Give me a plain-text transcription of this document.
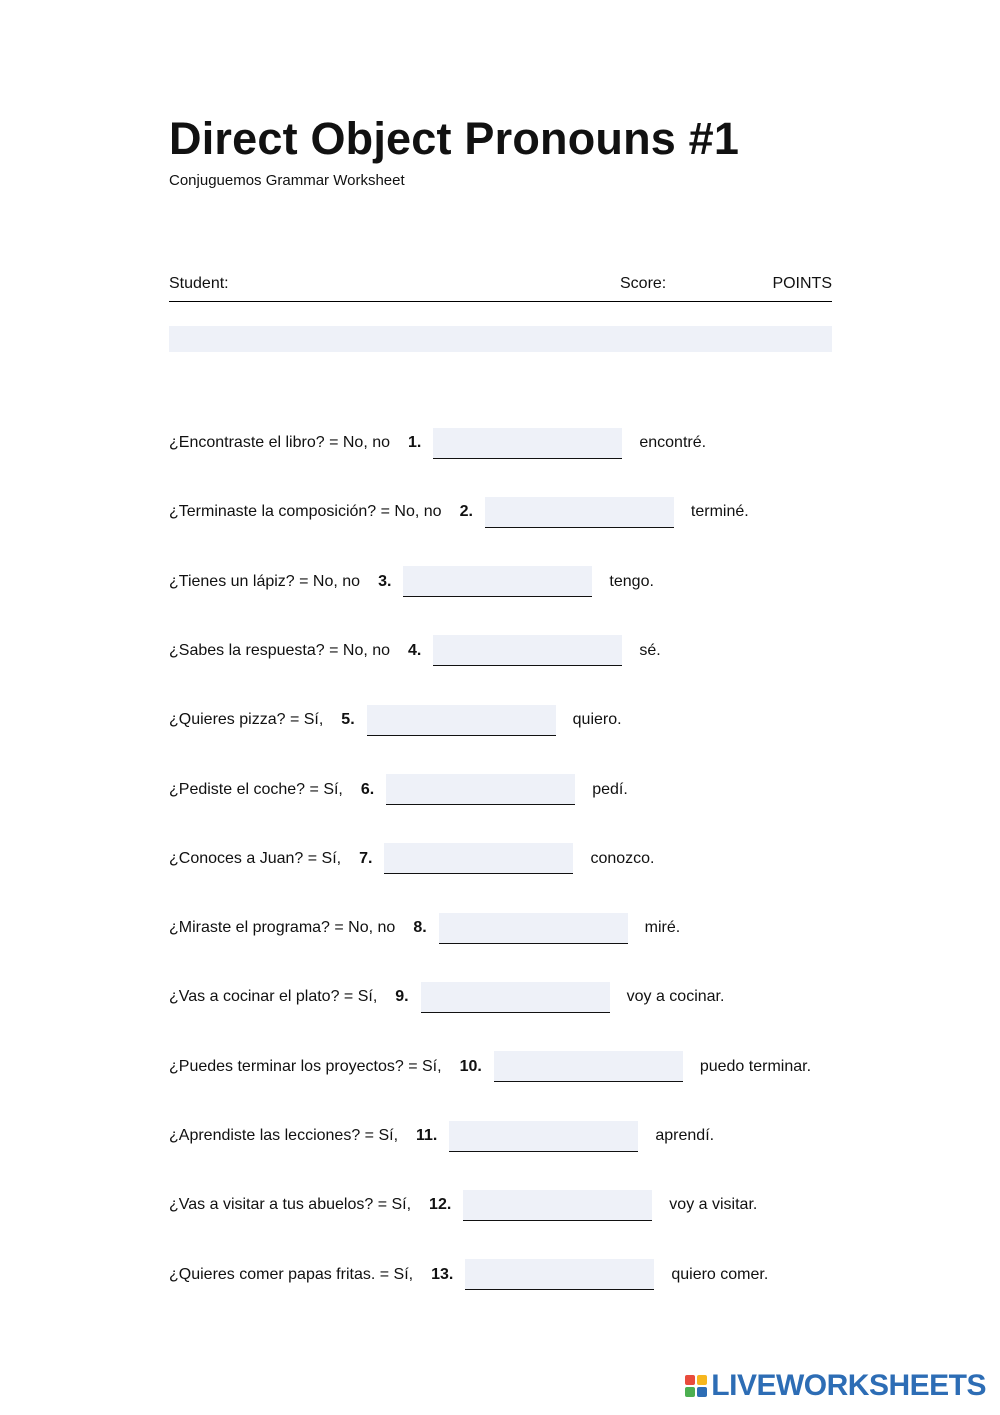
Direct Object Pronouns #1
Conjuguemos Grammar Worksheet
Student:	Score:	POINTS
¿Encontraste el libro? = No, no 1.	encontré.
¿Terminaste la composición? = No, no 2.	terminé.
¿Tienes un lápiz? = No, no 3.	tengo.
¿Sabes la respuesta? = No, no 4.	sé.
¿Quieres pizza? = Sí, 5.	quiero.
¿Pediste el coche? = Sí, 6.	pedí.
¿Conoces a Juan? = Sí, 7.	conozco.
¿Miraste el programa? = No, no 8.	miré.
¿Vas a cocinar el plato? = Sí, 9.	voy a cocinar.
¿Puedes terminar los proyectos? = Sí, 10.	puedo terminar.
¿Aprendiste las lecciones? = Sí, 11.	aprendí.
¿Vas a visitar a tus abuelos? = Sí, 12.	voy a visitar.
¿Quieres comer papas fritas. = Sí, 13.	quiero comer.
LIVEWORKSHEETS
